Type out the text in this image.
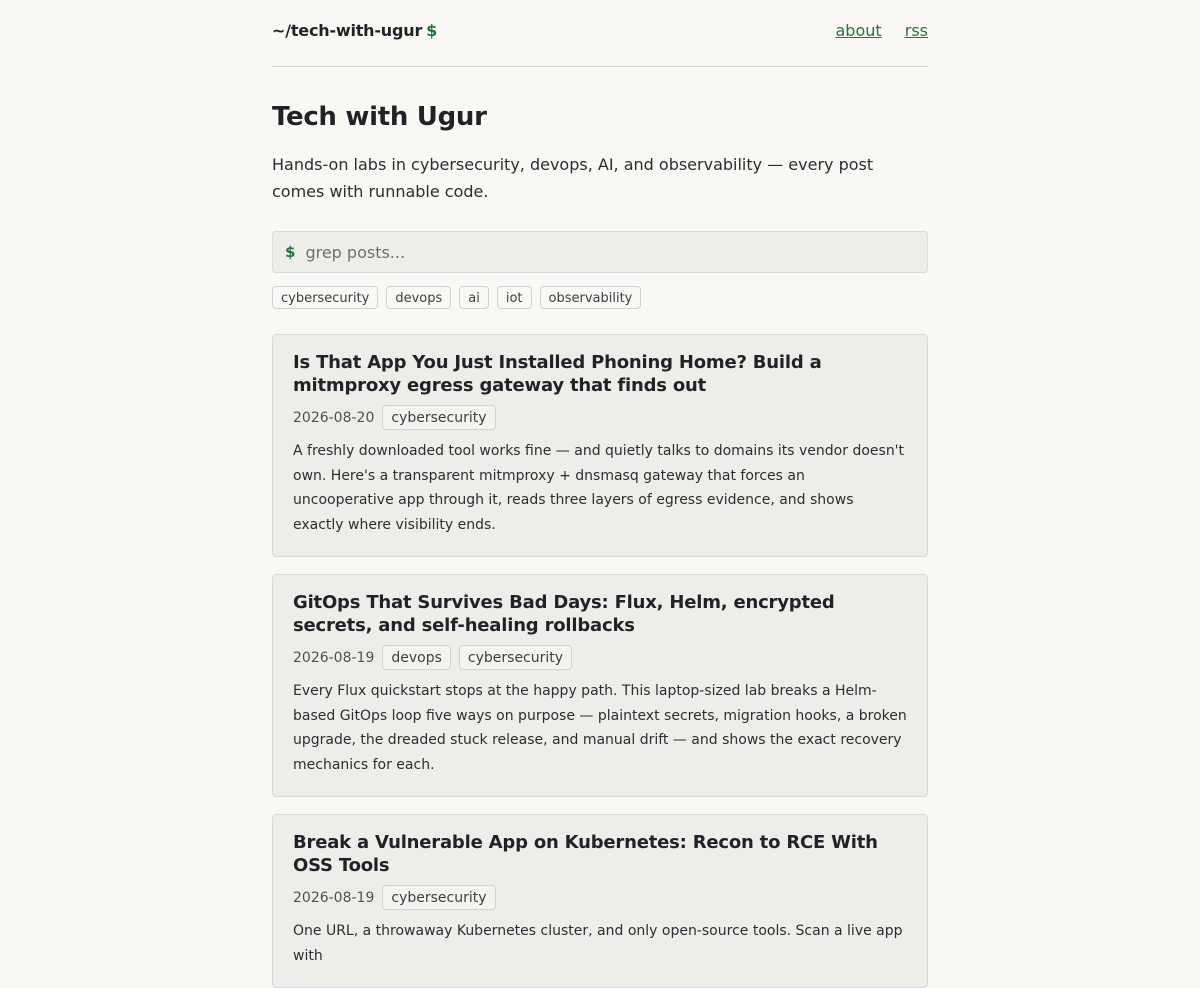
~/tech-with-ugur $	about rss
Tech with Ugur

Hands-on labs in cybersecurity, devops, AI, and observability — every post comes with runnable code.

$
grep posts...
cybersecurity	devops	ai	iot	observability
Is That App You Just Installed Phoning Home? Build a mitmproxy egress gateway that finds out
2026-08-20	cybersecurity

A freshly downloaded tool works fine — and quietly talks to domains its vendor doesn't own. Here's a transparent mitmproxy + dnsmasq gateway that forces an uncooperative app through it, reads three layers of egress evidence, and shows exactly where visibility ends.

GitOps That Survives Bad Days: Flux, Helm, encrypted secrets, and self-healing rollbacks
2026-08-19	devops	cybersecurity

Every Flux quickstart stops at the happy path. This laptop-sized lab breaks a Helm-based GitOps loop five ways on purpose — plaintext secrets, migration hooks, a broken upgrade, the dreaded stuck release, and manual drift — and shows the exact recovery mechanics for each.

Break a Vulnerable App on Kubernetes: Recon to RCE With OSS Tools
2026-08-19	cybersecurity

One URL, a throwaway Kubernetes cluster, and only open-source tools. Scan a live app with
